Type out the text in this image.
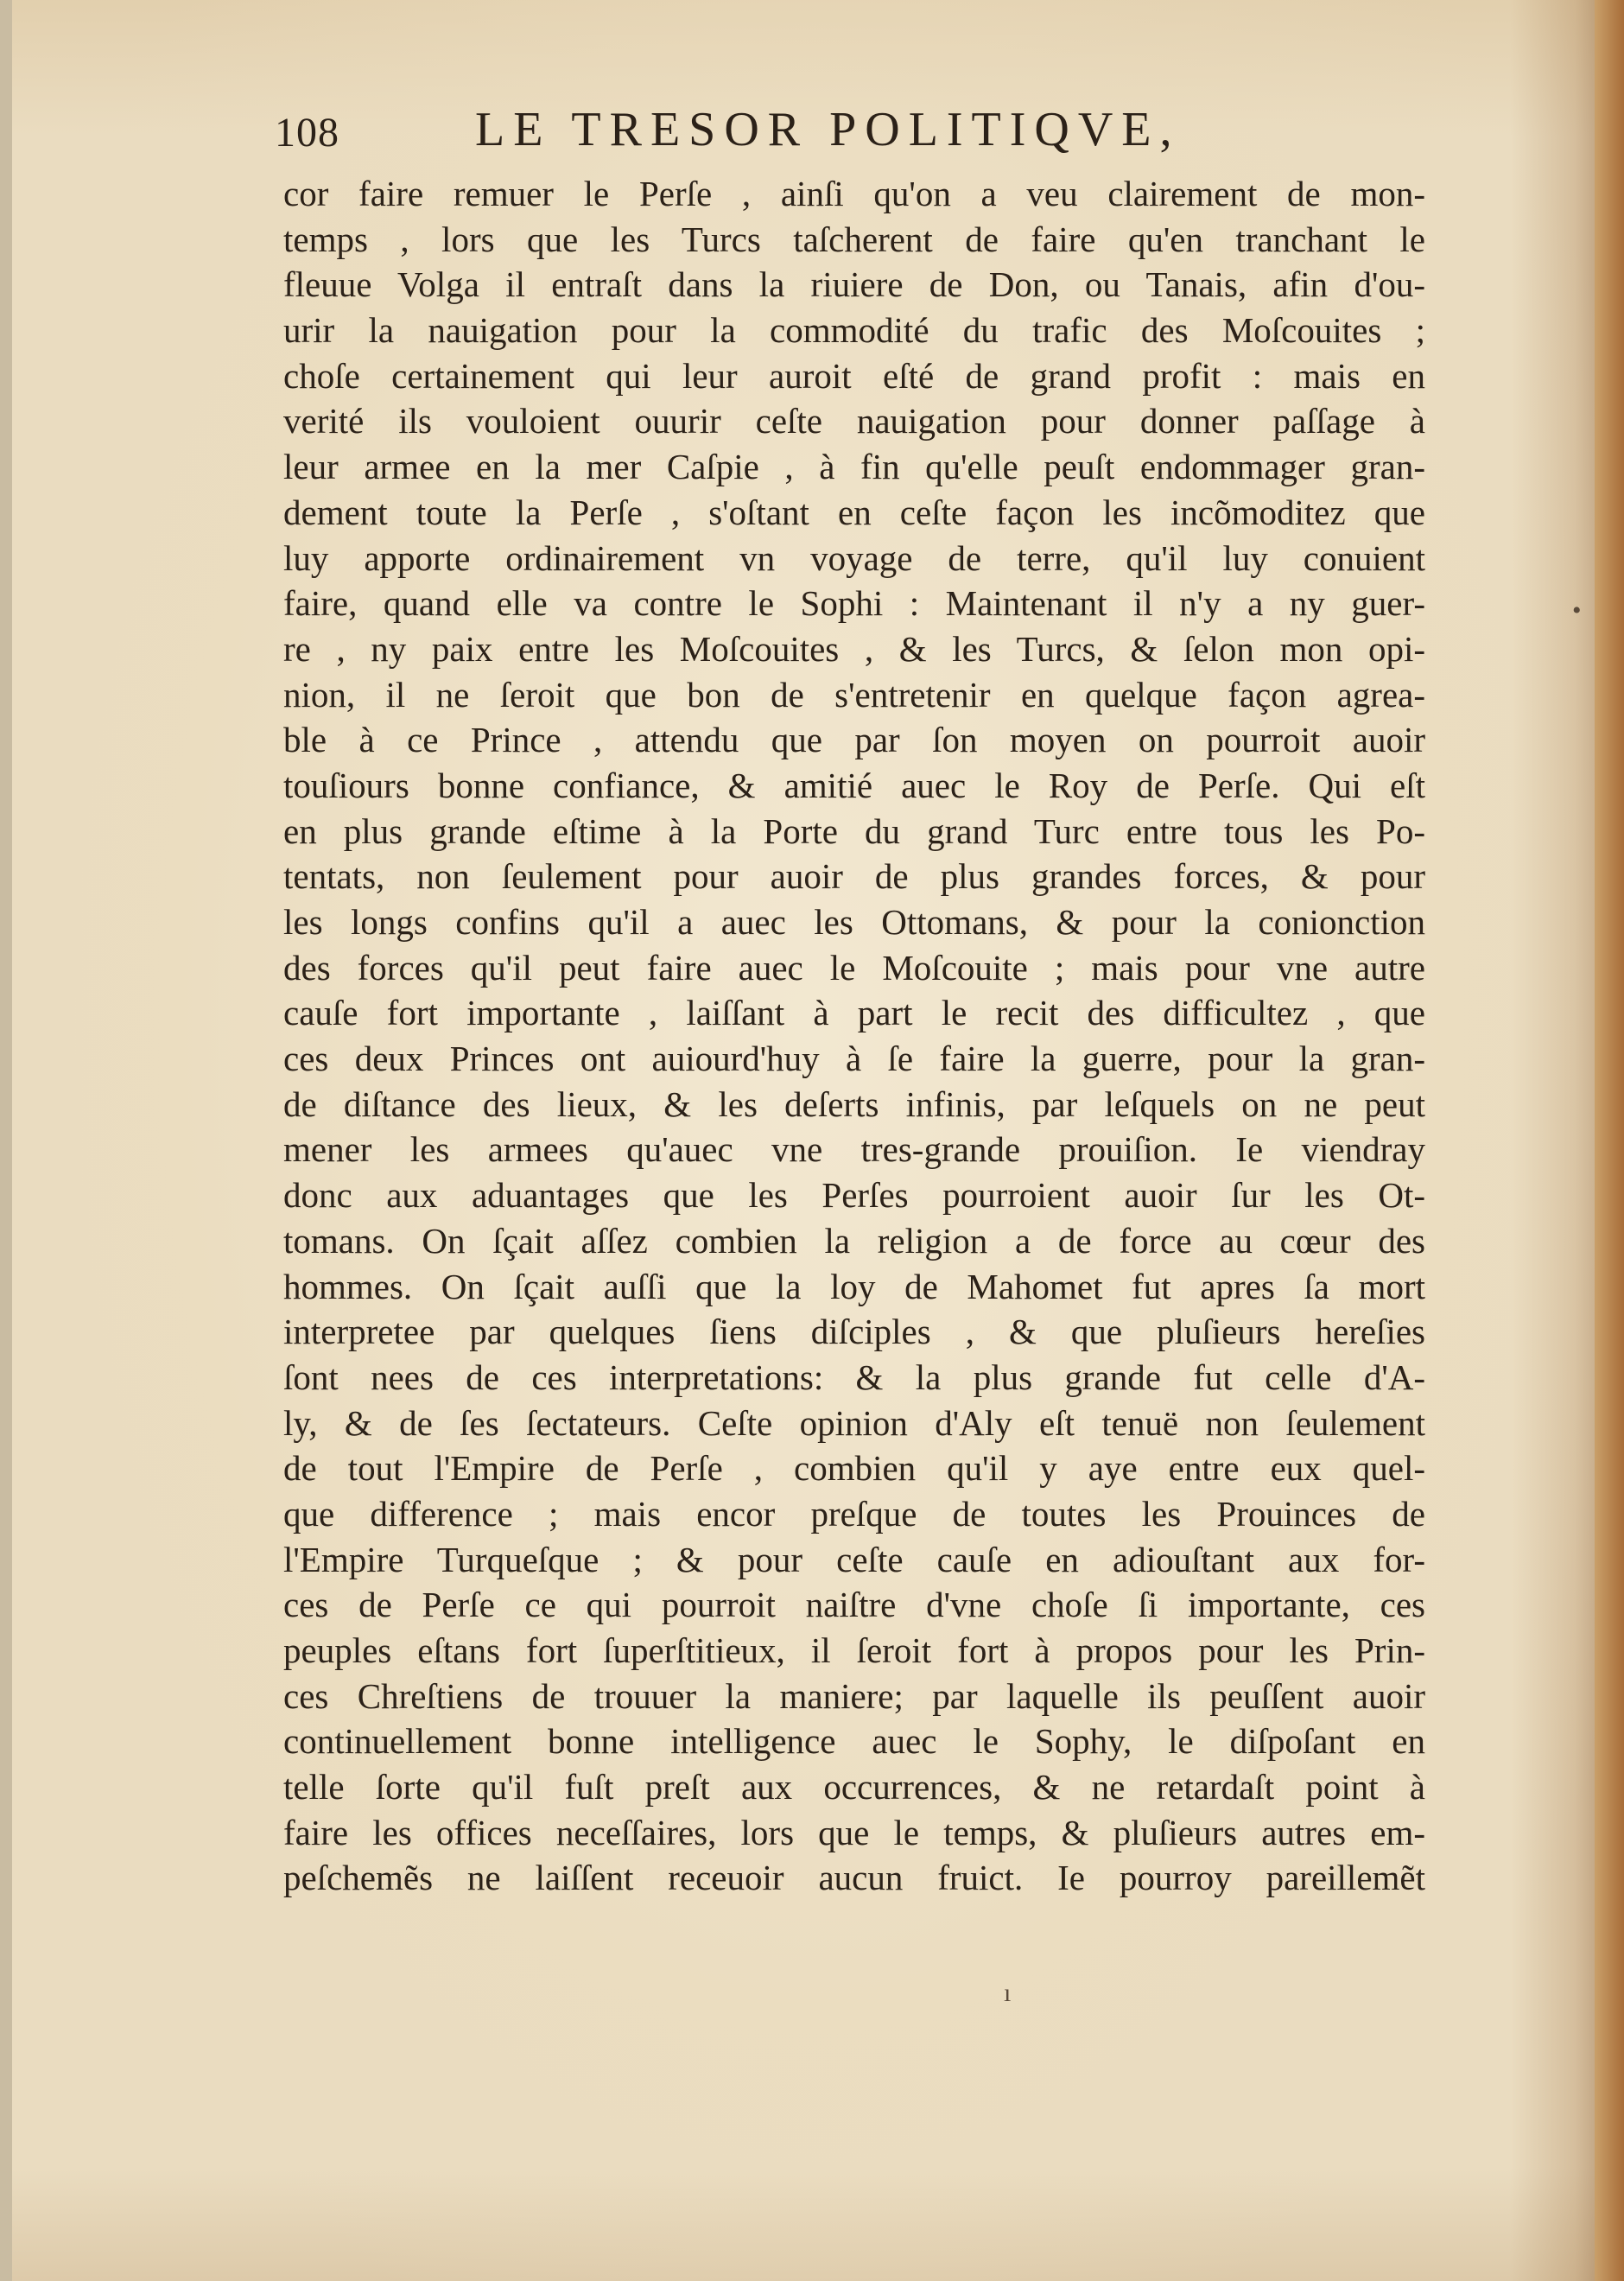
108	LE TRESOR POLITIQVE,
cor faire remuer le Perſe , ainſi qu'on a veu clairement de mon-
temps , lors que les Turcs taſcherent de faire qu'en tranchant le
fleuue Volga il entraſt dans la riuiere de Don, ou Tanais, afin d'ou-
urir la nauigation pour la commodité du trafic des Moſcouites ;
choſe certainement qui leur auroit eſté de grand profit : mais en
verité ils vouloient ouurir ceſte nauigation pour donner paſſage à
leur armee en la mer Caſpie , à fin qu'elle peuſt endommager gran-
dement toute la Perſe , s'oſtant en ceſte façon les incõmoditez que
luy apporte ordinairement vn voyage de terre, qu'il luy conuient
faire, quand elle va contre le Sophi : Maintenant il n'y a ny guer-
re , ny paix entre les Moſcouites , & les Turcs, & ſelon mon opi-
nion, il ne ſeroit que bon de s'entretenir en quelque façon agrea-
ble à ce Prince , attendu que par ſon moyen on pourroit auoir
touſiours bonne confiance, & amitié auec le Roy de Perſe. Qui eſt
en plus grande eſtime à la Porte du grand Turc entre tous les Po-
tentats, non ſeulement pour auoir de plus grandes forces, & pour
les longs confins qu'il a auec les Ottomans, & pour la conionction
des forces qu'il peut faire auec le Moſcouite ; mais pour vne autre
cauſe fort importante , laiſſant à part le recit des difficultez , que
ces deux Princes ont auiourd'huy à ſe faire la guerre, pour la gran-
de diſtance des lieux, & les deſerts infinis, par leſquels on ne peut
mener les armees qu'auec vne tres-grande prouiſion. Ie viendray
donc aux aduantages que les Perſes pourroient auoir ſur les Ot-
tomans. On ſçait aſſez combien la religion a de force au cœur des
hommes. On ſçait auſſi que la loy de Mahomet fut apres ſa mort
interpretee par quelques ſiens diſciples , & que pluſieurs hereſies
ſont nees de ces interpretations: & la plus grande fut celle d'A-
ly, & de ſes ſectateurs. Ceſte opinion d'Aly eſt tenuë non ſeulement
de tout l'Empire de Perſe , combien qu'il y aye entre eux quel-
que difference ; mais encor preſque de toutes les Prouinces de
l'Empire Turqueſque ; & pour ceſte cauſe en adiouſtant aux for-
ces de Perſe ce qui pourroit naiſtre d'vne choſe ſi importante, ces
peuples eſtans fort ſuperſtitieux, il ſeroit fort à propos pour les Prin-
ces Chreſtiens de trouuer la maniere; par laquelle ils peuſſent auoir
continuellement bonne intelligence auec le Sophy, le diſpoſant en
telle ſorte qu'il fuſt preſt aux occurrences, & ne retardaſt point à
faire les offices neceſſaires, lors que le temps, & pluſieurs autres em-
peſchemẽs ne laiſſent receuoir aucun fruict. Ie pourroy pareillemẽt
ı
•
